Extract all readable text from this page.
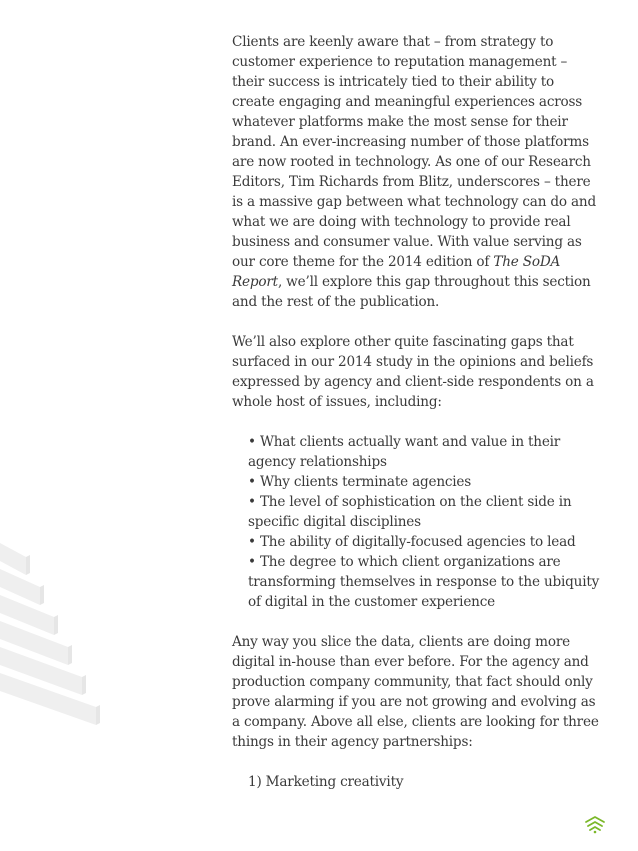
Clients are keenly aware that – from strategy to customer experience to reputation management – their success is intricately tied to their ability to create engaging and meaningful experiences across whatever platforms make the most sense for their brand. An ever-increasing number of those platforms are now rooted in technology. As one of our Research Editors, Tim Richards from Blitz, underscores – there is a massive gap between what technology can do and what we are doing with technology to provide real business and consumer value. With value serving as our core theme for the 2014 edition of The SoDA Report, we’ll explore this gap throughout this section and the rest of the publication.

We’ll also explore other quite fascinating gaps that surfaced in our 2014 study in the opinions and beliefs expressed by agency and client-side respondents on a whole host of issues, including:

• What clients actually want and value in their agency relationships
• Why clients terminate agencies
• The level of sophistication on the client side in specific digital disciplines
• The ability of digitally-focused agencies to lead
• The degree to which client organizations are transforming themselves in response to the ubiquity of digital in the customer experience

Any way you slice the data, clients are doing more digital in-house than ever before. For the agency and production company community, that fact should only prove alarming if you are not growing and evolving as a company. Above all else, clients are looking for three things in their agency partnerships:

1) Marketing creativity
